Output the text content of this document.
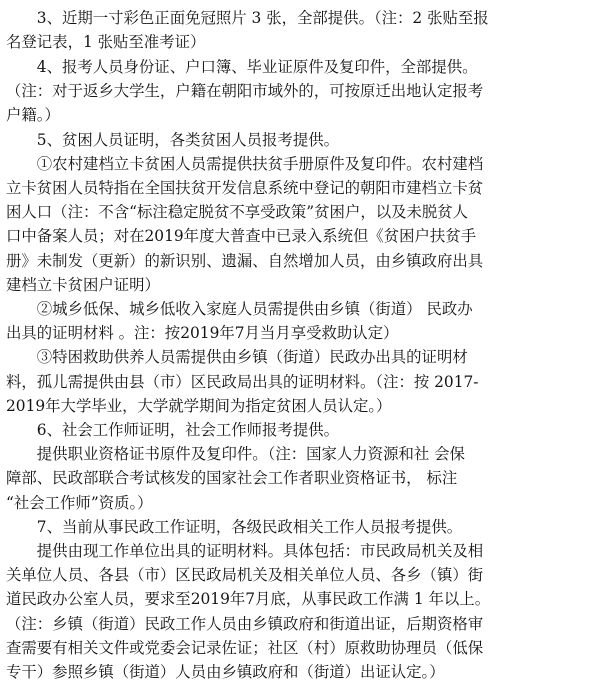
　　3、近期一寸彩色正面免冠照片 3 张，全部提供。（注：2 张贴至报
名登记表，1 张贴至准考证）
　　4、报考人员身份证、户口簿、毕业证原件及复印件，全部提供。
（注：对于返乡大学生，户籍在朝阳市域外的，可按原迁出地认定报考
户籍。）
　　5、贫困人员证明，各类贫困人员报考提供。
　　①农村建档立卡贫困人员需提供扶贫手册原件及复印件。农村建档
立卡贫困人员特指在全国扶贫开发信息系统中登记的朝阳市建档立卡贫
困人口（注：不含“标注稳定脱贫不享受政策”贫困户，以及未脱贫人
口中备案人员；对在2019年度大普查中已录入系统但《贫困户扶贫手
册》未制发（更新）的新识别、遗漏、自然增加人员，由乡镇政府出具
建档立卡贫困户证明）
　　②城乡低保、城乡低收入家庭人员需提供由乡镇（街道） 民政办
出具的证明材料 。注：按2019年7月当月享受救助认定）
　　③特困救助供养人员需提供由乡镇（街道）民政办出具的证明材
料，孤儿需提供由县（市）区民政局出具的证明材料。（注：按 2017-
2019年大学毕业，大学就学期间为指定贫困人员认定。）
　　6、社会工作师证明，社会工作师报考提供。
　　提供职业资格证书原件及复印件。（注：国家人力资源和社 会保
障部、民政部联合考试核发的国家社会工作者职业资格证书， 标注
“社会工作师”资质。）
　　7、当前从事民政工作证明，各级民政相关工作人员报考提供。
　　提供由现工作单位出具的证明材料。具体包括：市民政局机关及相
关单位人员、各县（市）区民政局机关及相关单位人员、各乡（镇）街
道民政办公室人员，要求至2019年7月底，从事民政工作满 1 年以上。
（注：乡镇（街道）民政工作人员由乡镇政府和街道出证，后期资格审
查需要有相关文件或党委会记录佐证；社区（村）原救助协理员（低保
专干）参照乡镇（街道）人员由乡镇政府和（街道）出证认定。）
